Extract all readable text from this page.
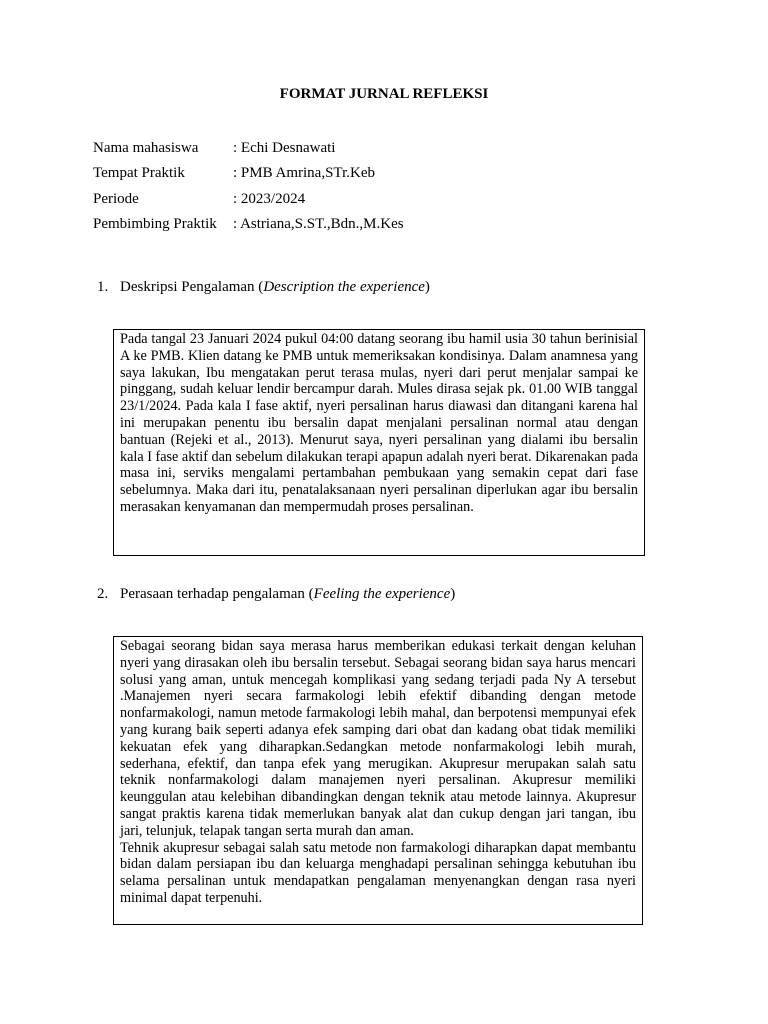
FORMAT JURNAL REFLEKSI
Nama mahasiswa : Echi Desnawati
Tempat Praktik	: PMB Amrina,STr.Keb
Periode	: 2023/2024
Pembimbing Praktik : Astriana,S.ST.,Bdn.,M.Kes
1. Deskripsi Pengalaman (Description the experience)

Pada tangal 23 Januari 2024 pukul 04:00 datang seorang ibu hamil usia 30 tahun berinisial A ke PMB. Klien datang ke PMB untuk memeriksakan kondisinya. Dalam anamnesa yang saya lakukan, Ibu mengatakan perut terasa mulas, nyeri dari perut menjalar sampai ke pinggang, sudah keluar lendir bercampur darah. Mules dirasa sejak pk. 01.00 WIB tanggal 23/1/2024. Pada kala I fase aktif, nyeri persalinan harus diawasi dan ditangani karena hal ini merupakan penentu ibu bersalin dapat menjalani persalinan normal atau dengan bantuan (Rejeki et al., 2013). Menurut saya, nyeri persalinan yang dialami ibu bersalin kala I fase aktif dan sebelum dilakukan terapi apapun adalah nyeri berat. Dikarenakan pada masa ini, serviks mengalami pertambahan pembukaan yang semakin cepat dari fase sebelumnya. Maka dari itu, penatalaksanaan nyeri persalinan diperlukan agar ibu bersalin merasakan kenyamanan dan mempermudah proses persalinan.

2. Perasaan terhadap pengalaman (Feeling the experience)

Sebagai seorang bidan saya merasa harus memberikan edukasi terkait dengan keluhan nyeri yang dirasakan oleh ibu bersalin tersebut. Sebagai seorang bidan saya harus mencari solusi yang aman, untuk mencegah komplikasi yang sedang terjadi pada Ny A tersebut .Manajemen nyeri secara farmakologi lebih efektif dibanding dengan metode nonfarmakologi, namun metode farmakologi lebih mahal, dan berpotensi mempunyai efek yang kurang baik seperti adanya efek samping dari obat dan kadang obat tidak memiliki kekuatan efek yang diharapkan.Sedangkan metode nonfarmakologi lebih murah, sederhana, efektif, dan tanpa efek yang merugikan. Akupresur merupakan salah satu teknik nonfarmakologi dalam manajemen nyeri persalinan. Akupresur memiliki keunggulan atau kelebihan dibandingkan dengan teknik atau metode lainnya. Akupresur sangat praktis karena tidak memerlukan banyak alat dan cukup dengan jari tangan, ibu jari, telunjuk, telapak tangan serta murah dan aman.

Tehnik akupresur sebagai salah satu metode non farmakologi diharapkan dapat membantu bidan dalam persiapan ibu dan keluarga menghadapi persalinan sehingga kebutuhan ibu selama persalinan untuk mendapatkan pengalaman menyenangkan dengan rasa nyeri minimal dapat terpenuhi.
